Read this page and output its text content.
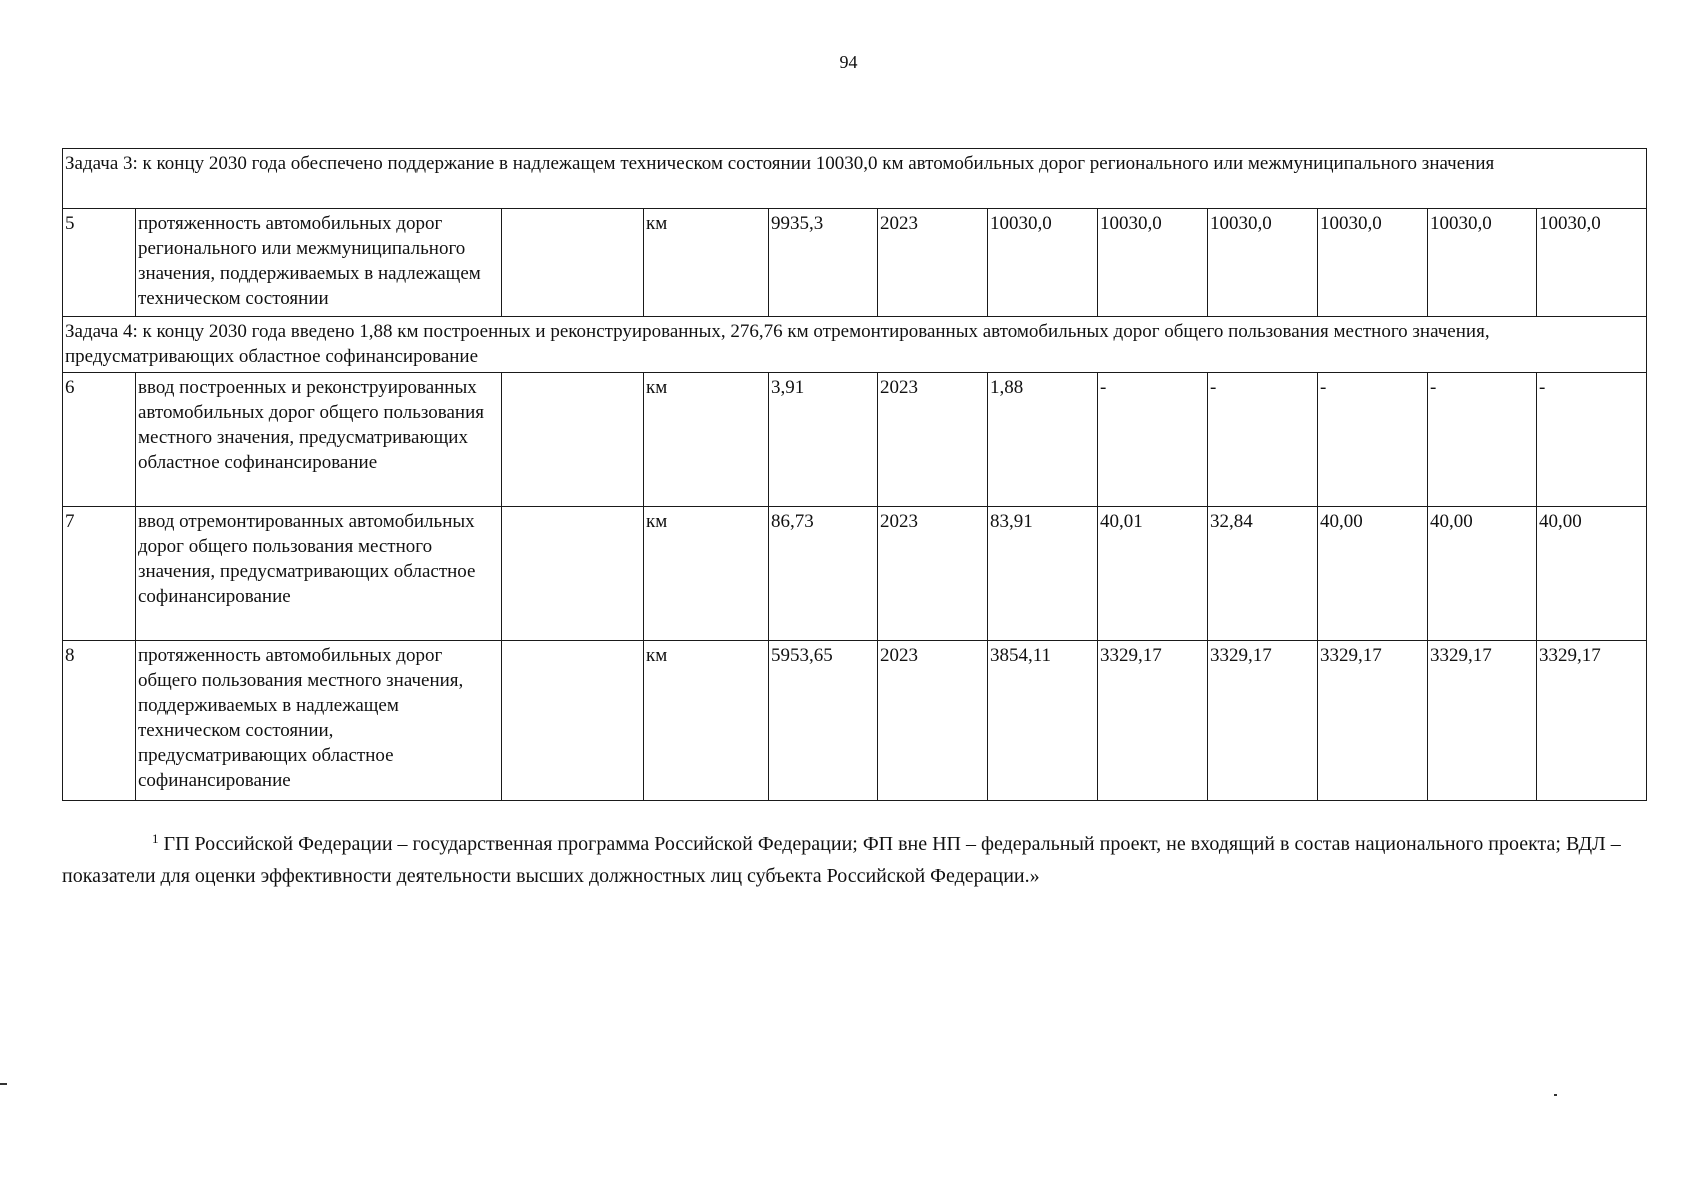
94
Задача 3: к концу 2030 года обеспечено поддержание в надлежащем техническом состоянии 10030,0 км автомобильных дорог регионального или межмуниципального значения											
5	протяженность автомобильных дорог регионального или межмуниципального значения, поддерживаемых в надлежащем техническом состоянии		км	9935,3	2023	10030,0	10030,0	10030,0	10030,0	10030,0	10030,0
Задача 4: к концу 2030 года введено 1,88 км построенных и реконструированных, 276,76 км отремонтированных автомобильных дорог общего пользования местного значения, предусматривающих областное софинансирование											
6	ввод построенных и реконструированных автомобильных дорог общего пользования местного значения, предусматривающих областное софинансирование		км	3,91	2023	1,88	-	-	-	-	-
7	ввод отремонтированных автомобильных дорог общего пользования местного значения, предусматривающих областное софинансирование		км	86,73	2023	83,91	40,01	32,84	40,00	40,00	40,00
8	протяженность автомобильных дорог общего пользования местного значения, поддерживаемых в надлежащем техническом состоянии, предусматривающих областное софинансирование		км	5953,65	2023	3854,11	3329,17	3329,17	3329,17	3329,17	3329,17
$^1$ ГП Российской Федерации – государственная программа Российской Федерации; ФП вне НП – федеральный проект, не входящий в состав национального проекта; ВДЛ – показатели для оценки эффективности деятельности высших должностных лиц субъекта Российской Федерации.»
